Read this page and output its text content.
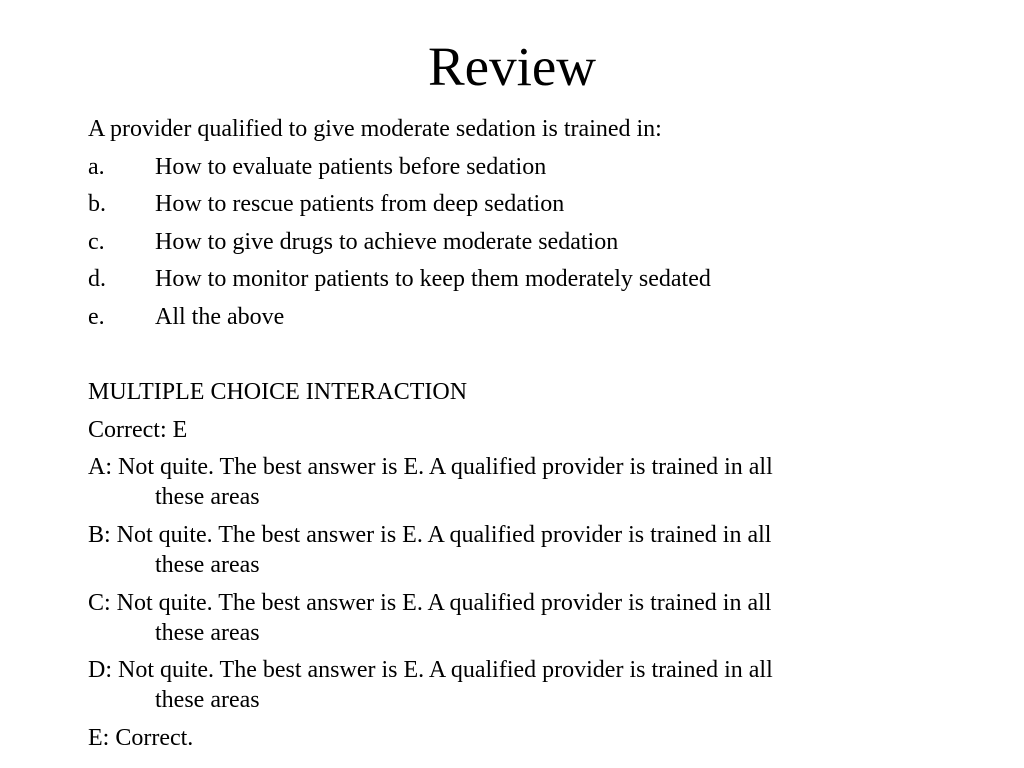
Review
A provider qualified to give moderate sedation is trained in:
a. How to evaluate patients before sedation
b. How to rescue patients from deep sedation
c. How to give drugs to achieve moderate sedation
d. How to monitor patients to keep them moderately sedated
e. All the above
MULTIPLE CHOICE INTERACTION
Correct: E
A: Not quite. The best answer is E. A qualified provider is trained in all
these areas
B: Not quite. The best answer is E. A qualified provider is trained in all
these areas
C: Not quite. The best answer is E. A qualified provider is trained in all
these areas
D: Not quite. The best answer is E. A qualified provider is trained in all
these areas
E: Correct.
